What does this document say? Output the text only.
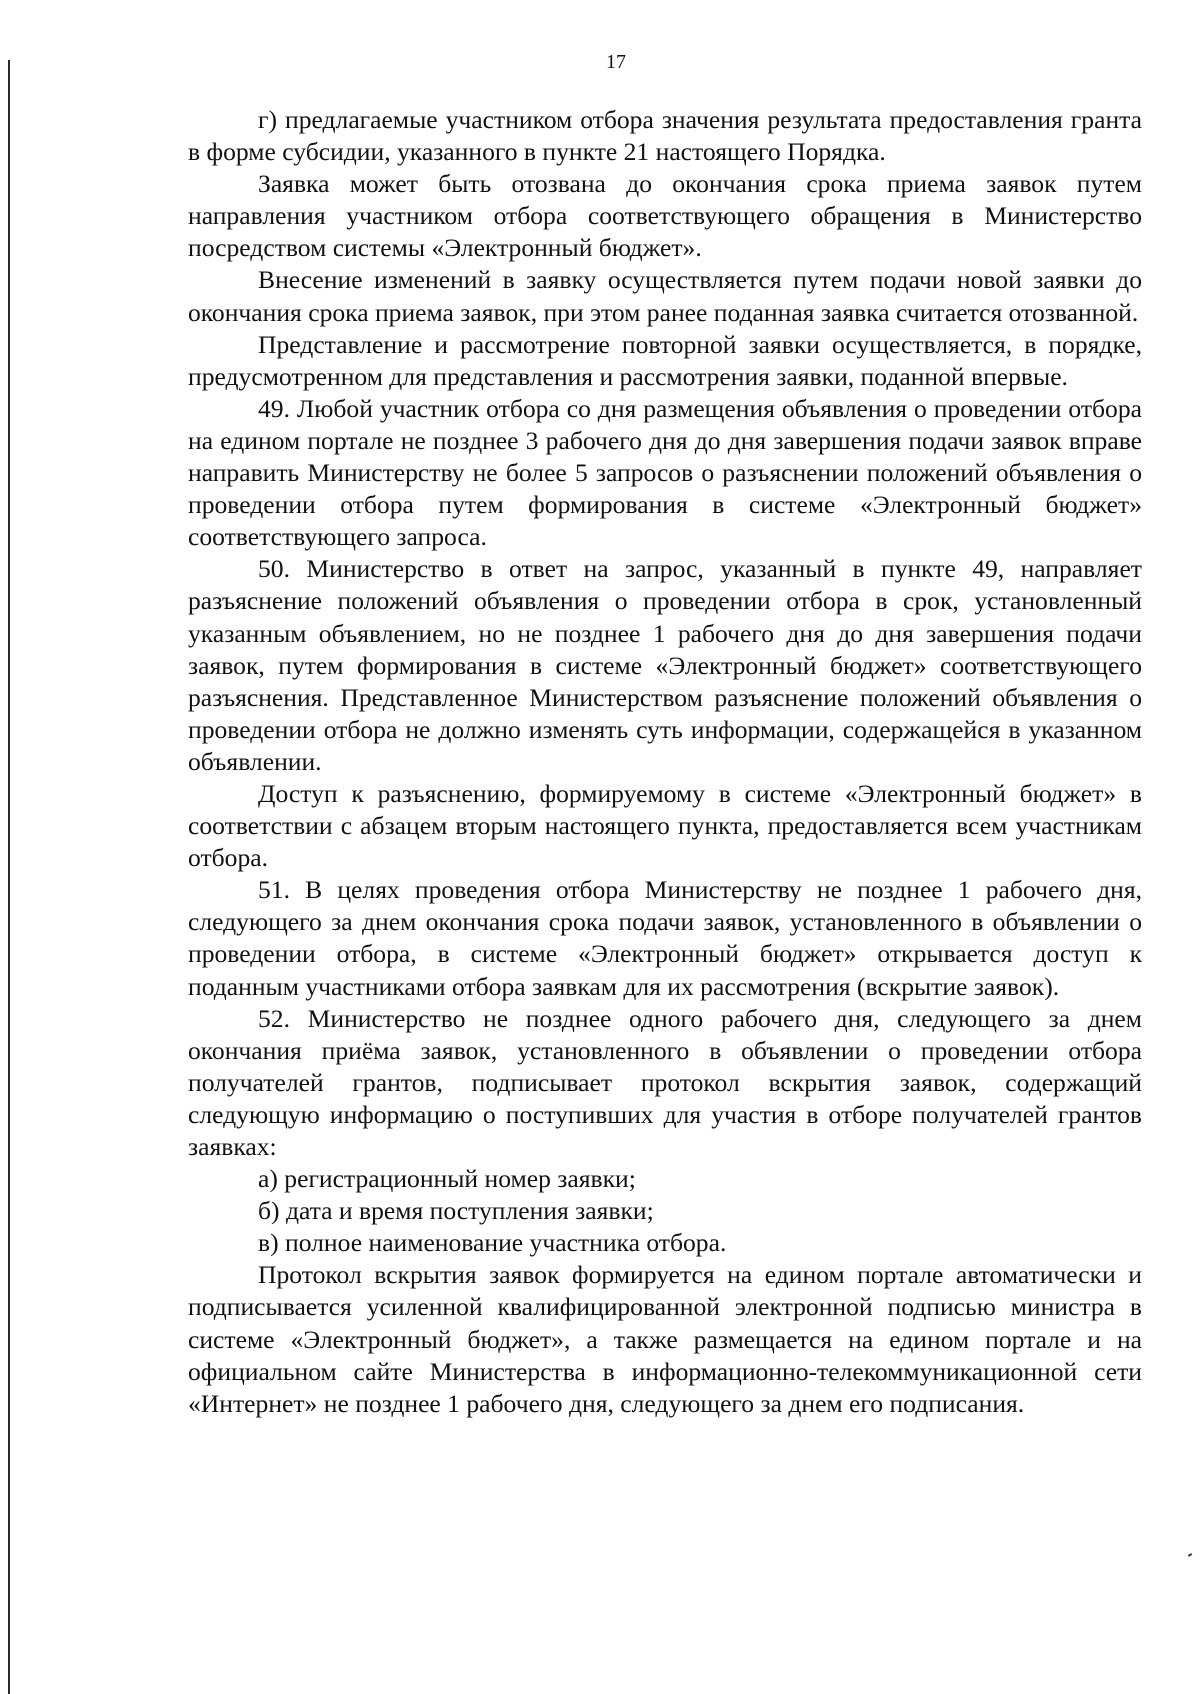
17

г) предлагаемые участником отбора значения результата предоставления гранта в форме субсидии, указанного в пункте 21 настоящего Порядка.

Заявка может быть отозвана до окончания срока приема заявок путем направления участником отбора соответствующего обращения в Министерство посредством системы «Электронный бюджет».

Внесение изменений в заявку осуществляется путем подачи новой заявки до окончания срока приема заявок, при этом ранее поданная заявка считается отозванной.

Представление и рассмотрение повторной заявки осуществляется, в порядке, предусмотренном для представления и рассмотрения заявки, поданной впервые.

49. Любой участник отбора со дня размещения объявления о проведении отбора на едином портале не позднее 3 рабочего дня до дня завершения подачи заявок вправе направить Министерству не более 5 запросов о разъяснении положений объявления о проведении отбора путем формирования в системе «Электронный бюджет» соответствующего запроса.

50. Министерство в ответ на запрос, указанный в пункте 49, направляет разъяснение положений объявления о проведении отбора в срок, установленный указанным объявлением, но не позднее 1 рабочего дня до дня завершения подачи заявок, путем формирования в системе «Электронный бюджет» соответствующего разъяснения. Представленное Министерством разъяснение положений объявления о проведении отбора не должно изменять суть информации, содержащейся в указанном объявлении.

Доступ к разъяснению, формируемому в системе «Электронный бюджет» в соответствии с абзацем вторым настоящего пункта, предоставляется всем участникам отбора.

51. В целях проведения отбора Министерству не позднее 1 рабочего дня, следующего за днем окончания срока подачи заявок, установленного в объявлении о проведении отбора, в системе «Электронный бюджет» открывается доступ к поданным участниками отбора заявкам для их рассмотрения (вскрытие заявок).

52. Министерство не позднее одного рабочего дня, следующего за днем окончания приёма заявок, установленного в объявлении о проведении отбора получателей грантов, подписывает протокол вскрытия заявок, содержащий следующую информацию о поступивших для участия в отборе получателей грантов заявках:

а) регистрационный номер заявки;

б) дата и время поступления заявки;

в) полное наименование участника отбора.

Протокол вскрытия заявок формируется на едином портале автоматически и подписывается усиленной квалифицированной электронной подписью министра в системе «Электронный бюджет», а также размещается на едином портале и на официальном сайте Министерства в информационно-телекоммуникационной сети «Интернет» не позднее 1 рабочего дня, следующего за днем его подписания.
